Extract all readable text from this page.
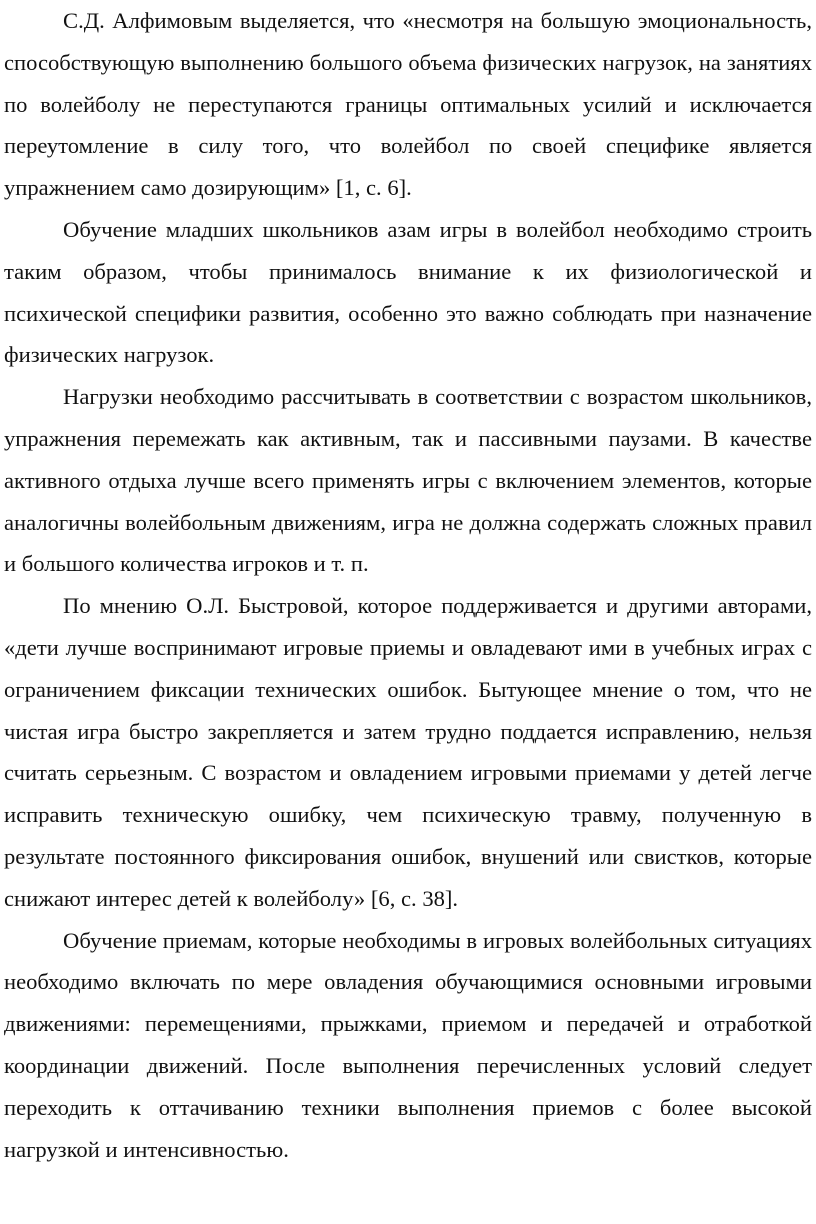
С.Д. Алфимовым выделяется, что «несмотря на большую эмоциональность, способствующую выполнению большого объема физических нагрузок, на занятиях по волейболу не переступаются границы оптимальных усилий и исключается переутомление в силу того, что волейбол по своей специфике является упражнением само дозирующим» [1, с. 6].

Обучение младших школьников азам игры в волейбол необходимо строить таким образом, чтобы принималось внимание к их физиологической и психической специфики развития, особенно это важно соблюдать при назначение физических нагрузок.

Нагрузки необходимо рассчитывать в соответствии с возрастом школьников, упражнения перемежать как активным, так и пассивными паузами. В качестве активного отдыха лучше всего применять игры с включением элементов, которые аналогичны волейбольным движениям, игра не должна содержать сложных правил и большого количества игроков и т. п.

По мнению О.Л. Быстровой, которое поддерживается и другими авторами, «дети лучше воспринимают игровые приемы и овладевают ими в учебных играх с ограничением фиксации технических ошибок. Бытующее мнение о том, что не чистая игра быстро закрепляется и затем трудно поддается исправлению, нельзя считать серьезным. С возрастом и овладением игровыми приемами у детей легче исправить техническую ошибку, чем психическую травму, полученную в результате постоянного фиксирования ошибок, внушений или свистков, которые снижают интерес детей к волейболу» [6, с. 38].

Обучение приемам, которые необходимы в игровых волейбольных ситуациях необходимо включать по мере овладения обучающимися основными игровыми движениями: перемещениями, прыжками, приемом и передачей и отработкой координации движений. После выполнения перечисленных условий следует переходить к оттачиванию техники выполнения приемов с более высокой нагрузкой и интенсивностью.
